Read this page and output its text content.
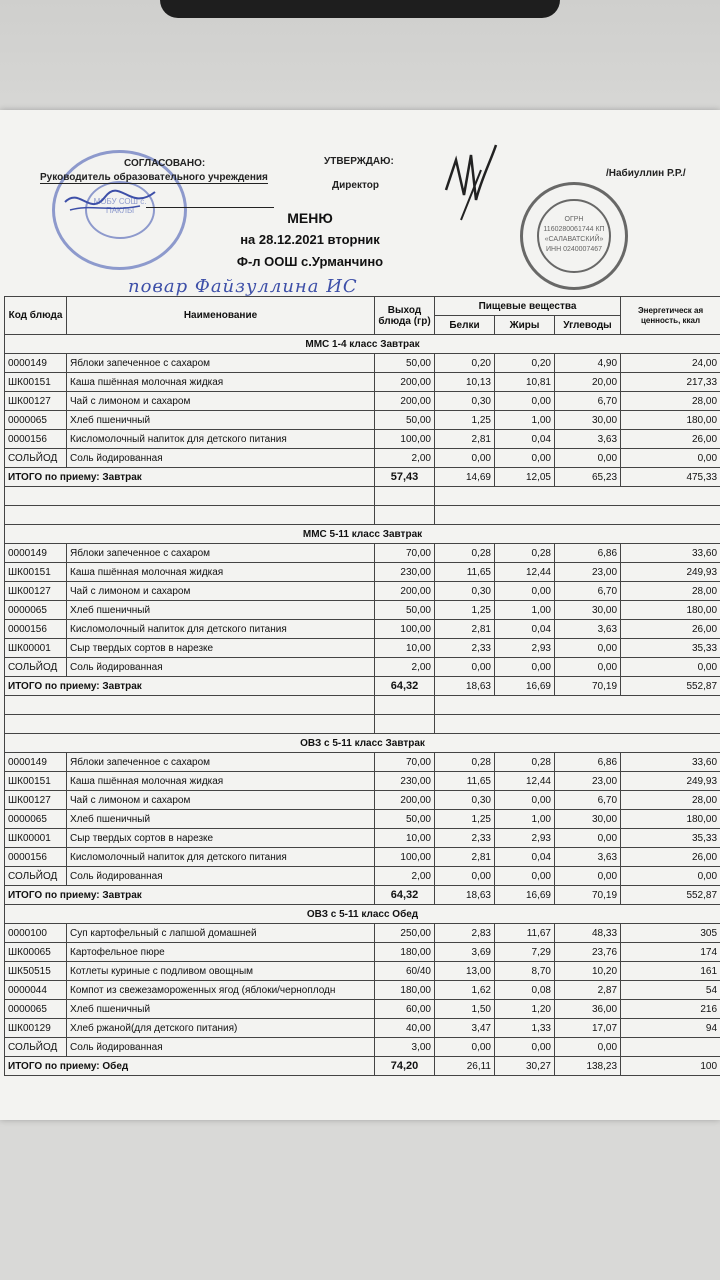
МОБУ СОШ с. ПАКЛЫ
СОГЛАСОВАНО:
Руководитель образовательного учреждения
УТВЕРЖДАЮ:
Директор
/Набиуллин Р.Р./
ОГРН 1160280061744 КП «САЛАВАТСКИЙ» ИНН 0240007467
МЕНЮ
на 28.12.2021 вторник
Ф-л ООШ с.Урманчино
повар Файзуллина ИС
Код блюда	Наименование	Выход блюда (гр)	Пищевые вещества			Энергетическ ая ценность, ккал
			Белки	Жиры	Углеводы	
ММС 1-4 класс Завтрак						
0000149	Яблоки запеченное с сахаром	50,00	0,20	0,20	4,90	24,00
ШК00151	Каша пшённая молочная жидкая	200,00	10,13	10,81	20,00	217,33
ШК00127	Чай с лимоном и сахаром	200,00	0,30	0,00	6,70	28,00
0000065	Хлеб пшеничный	50,00	1,25	1,00	30,00	180,00
0000156	Кисломолочный напиток для детского питания	100,00	2,81	0,04	3,63	26,00
СОЛЬЙОД	Соль йодированная	2,00	0,00	0,00	0,00	0,00
ИТОГО по приему: Завтрак		57,43	14,69	12,05	65,23	475,33

ММС 5-11 класс Завтрак						
0000149	Яблоки запеченное с сахаром	70,00	0,28	0,28	6,86	33,60
ШК00151	Каша пшённая молочная жидкая	230,00	11,65	12,44	23,00	249,93
ШК00127	Чай с лимоном и сахаром	200,00	0,30	0,00	6,70	28,00
0000065	Хлеб пшеничный	50,00	1,25	1,00	30,00	180,00
0000156	Кисломолочный напиток для детского питания	100,00	2,81	0,04	3,63	26,00
ШК00001	Сыр твердых сортов в нарезке	10,00	2,33	2,93	0,00	35,33
СОЛЬЙОД	Соль йодированная	2,00	0,00	0,00	0,00	0,00
ИТОГО по приему: Завтрак		64,32	18,63	16,69	70,19	552,87

ОВЗ с 5-11 класс Завтрак						
0000149	Яблоки запеченное с сахаром	70,00	0,28	0,28	6,86	33,60
ШК00151	Каша пшённая молочная жидкая	230,00	11,65	12,44	23,00	249,93
ШК00127	Чай с лимоном и сахаром	200,00	0,30	0,00	6,70	28,00
0000065	Хлеб пшеничный	50,00	1,25	1,00	30,00	180,00
ШК00001	Сыр твердых сортов в нарезке	10,00	2,33	2,93	0,00	35,33
0000156	Кисломолочный напиток для детского питания	100,00	2,81	0,04	3,63	26,00
СОЛЬЙОД	Соль йодированная	2,00	0,00	0,00	0,00	0,00
ИТОГО по приему: Завтрак		64,32	18,63	16,69	70,19	552,87
ОВЗ с 5-11 класс Обед						
0000100	Суп картофельный с лапшой домашней	250,00	2,83	11,67	48,33	305
ШК00065	Картофельное пюре	180,00	3,69	7,29	23,76	174
ШК50515	Котлеты куриные с подливом овощным	60/40	13,00	8,70	10,20	161
0000044	Компот из свежезамороженных ягод (яблоки/черноплодн	180,00	1,62	0,08	2,87	54
0000065	Хлеб пшеничный	60,00	1,50	1,20	36,00	216
ШК00129	Хлеб ржаной(для детского питания)	40,00	3,47	1,33	17,07	94
СОЛЬЙОД	Соль йодированная	3,00	0,00	0,00	0,00	
ИТОГО по приему: Обед		74,20	26,11	30,27	138,23	100
